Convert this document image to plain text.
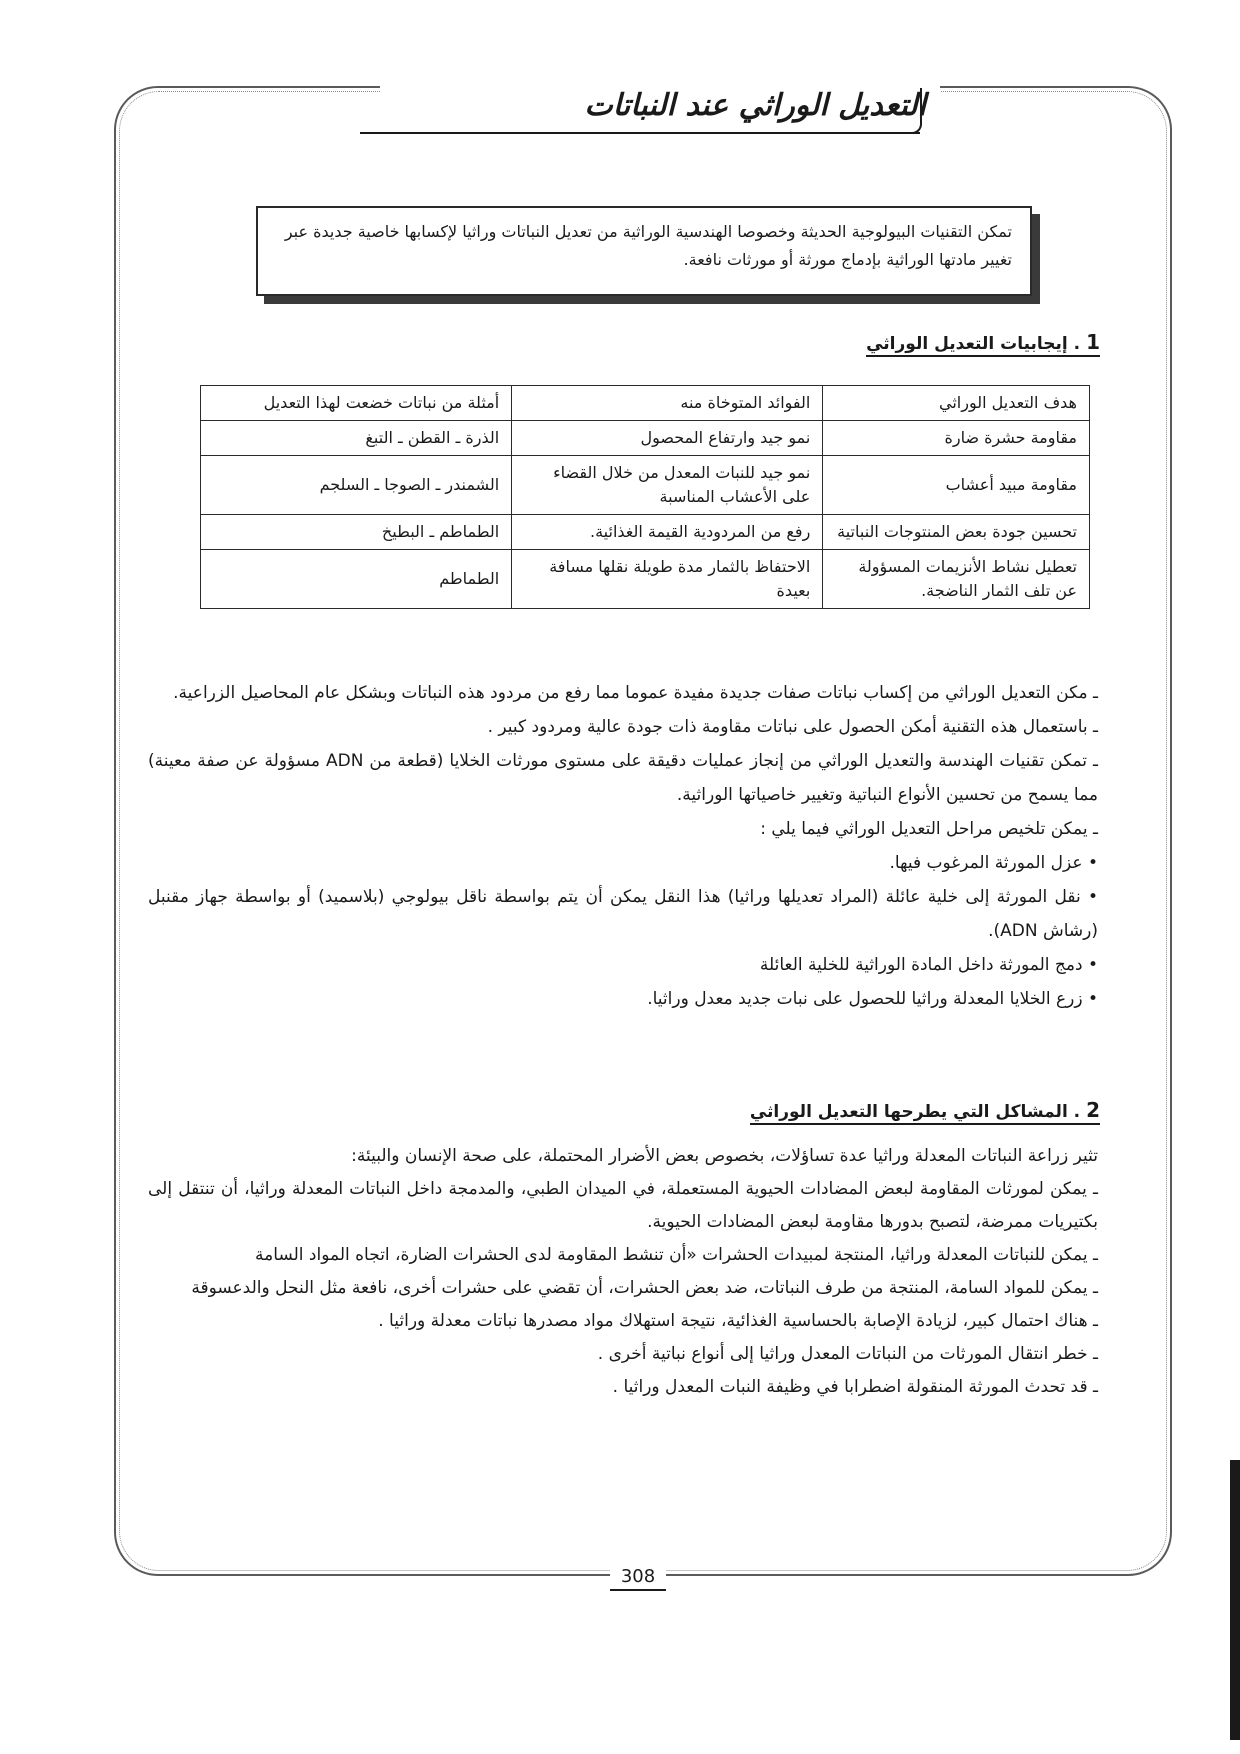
التعديل الوراثي عند النباتات
تمكن التقنيات البيولوجية الحديثة وخصوصا الهندسية الوراثية من تعديل النباتات وراثيا لإكسابها خاصية جديدة عبر تغيير مادتها الوراثية بإدماج مورثة أو مورثات نافعة.
1 . إيجابيات التعديل الوراثي
هدف التعديل الوراثي	الفوائد المتوخاة منه	أمثلة من نباتات خضعت لهذا التعديل
مقاومة حشرة ضارة	نمو جيد وارتفاع المحصول	الذرة ـ القطن ـ التبغ
مقاومة مبيد أعشاب	نمو جيد للنبات المعدل من خلال القضاء على الأعشاب المناسبة	الشمندر ـ الصوجا ـ السلجم
تحسين جودة بعض المنتوجات النباتية	رفع من المردودية القيمة الغذائية.	الطماطم ـ البطيخ
تعطيل نشاط الأنزيمات المسؤولة عن تلف الثمار الناضجة.	الاحتفاظ بالثمار مدة طويلة نقلها مسافة بعيدة	الطماطم

ـ مكن التعديل الوراثي من إكساب نباتات صفات جديدة مفيدة عموما مما رفع من مردود هذه النباتات وبشكل عام المحاصيل الزراعية.

ـ باستعمال هذه التقنية أمكن الحصول على نباتات مقاومة ذات جودة عالية ومردود كبير .

ـ تمكن تقنيات الهندسة والتعديل الوراثي من إنجاز عمليات دقيقة على مستوى مورثات الخلايا (قطعة من ADN مسؤولة عن صفة معينة) مما يسمح من تحسين الأنواع النباتية وتغيير خاصياتها الوراثية.

ـ يمكن تلخيص مراحل التعديل الوراثي فيما يلي :

• عزل المورثة المرغوب فيها.

• نقل المورثة إلى خلية عائلة (المراد تعديلها وراثيا) هذا النقل يمكن أن يتم بواسطة ناقل بيولوجي (بلاسميد) أو بواسطة جهاز مقنبل (رشاش ADN).

• دمج المورثة داخل المادة الوراثية للخلية العائلة

• زرع الخلايا المعدلة وراثيا للحصول على نبات جديد معدل وراثيا.

2 . المشاكل التي يطرحها التعديل الوراثي

تثير زراعة النباتات المعدلة وراثيا عدة تساؤلات، بخصوص بعض الأضرار المحتملة، على صحة الإنسان والبيئة:

ـ يمكن لمورثات المقاومة لبعض المضادات الحيوية المستعملة، في الميدان الطبي، والمدمجة داخل النباتات المعدلة وراثيا، أن تنتقل إلى بكتيريات ممرضة، لتصبح بدورها مقاومة لبعض المضادات الحيوية.

ـ يمكن للنباتات المعدلة وراثيا، المنتجة لمبيدات الحشرات «أن تنشط المقاومة لدى الحشرات الضارة، اتجاه المواد السامة

ـ يمكن للمواد السامة، المنتجة من طرف النباتات، ضد بعض الحشرات، أن تقضي على حشرات أخرى، نافعة مثل النحل والدعسوقة

ـ هناك احتمال كبير، لزيادة الإصابة بالحساسية الغذائية، نتيجة استهلاك مواد مصدرها نباتات معدلة وراثيا .

ـ خطر انتقال المورثات من النباتات المعدل وراثيا إلى أنواع نباتية أخرى .

ـ قد تحدث المورثة المنقولة اضطرابا في وظيفة النبات المعدل وراثيا .

308
